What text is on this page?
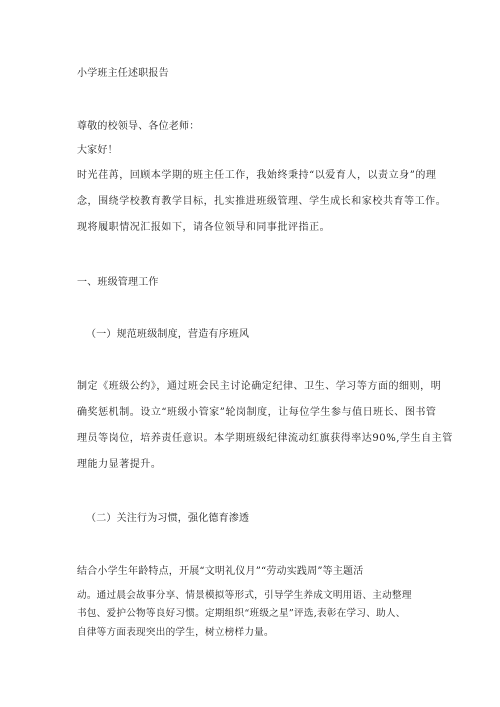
小学班主任述职报告
尊敬的校领导、各位老师：
大家好！
时光荏苒，回顾本学期的班主任工作，我始终秉持“以爱育人，以责立身”的理
念，围绕学校教育教学目标，扎实推进班级管理、学生成长和家校共育等工作。
现将履职情况汇报如下，请各位领导和同事批评指正。
一、班级管理工作
（一）规范班级制度，营造有序班风
制定《班级公约》，通过班会民主讨论确定纪律、卫生、学习等方面的细则，明
确奖惩机制。设立“班级小管家”轮岗制度，让每位学生参与值日班长、图书管
理员等岗位，培养责任意识。本学期班级纪律流动红旗获得率达90%,学生自主管
理能力显著提升。
（二）关注行为习惯，强化德育渗透
结合小学生年龄特点，开展“文明礼仪月”“劳动实践周”等主题活
动。通过晨会故事分享、情景模拟等形式，引导学生养成文明用语、主动整理
书包、爱护公物等良好习惯。定期组织“班级之星”评选,表彰在学习、助人、
自律等方面表现突出的学生，树立榜样力量。
